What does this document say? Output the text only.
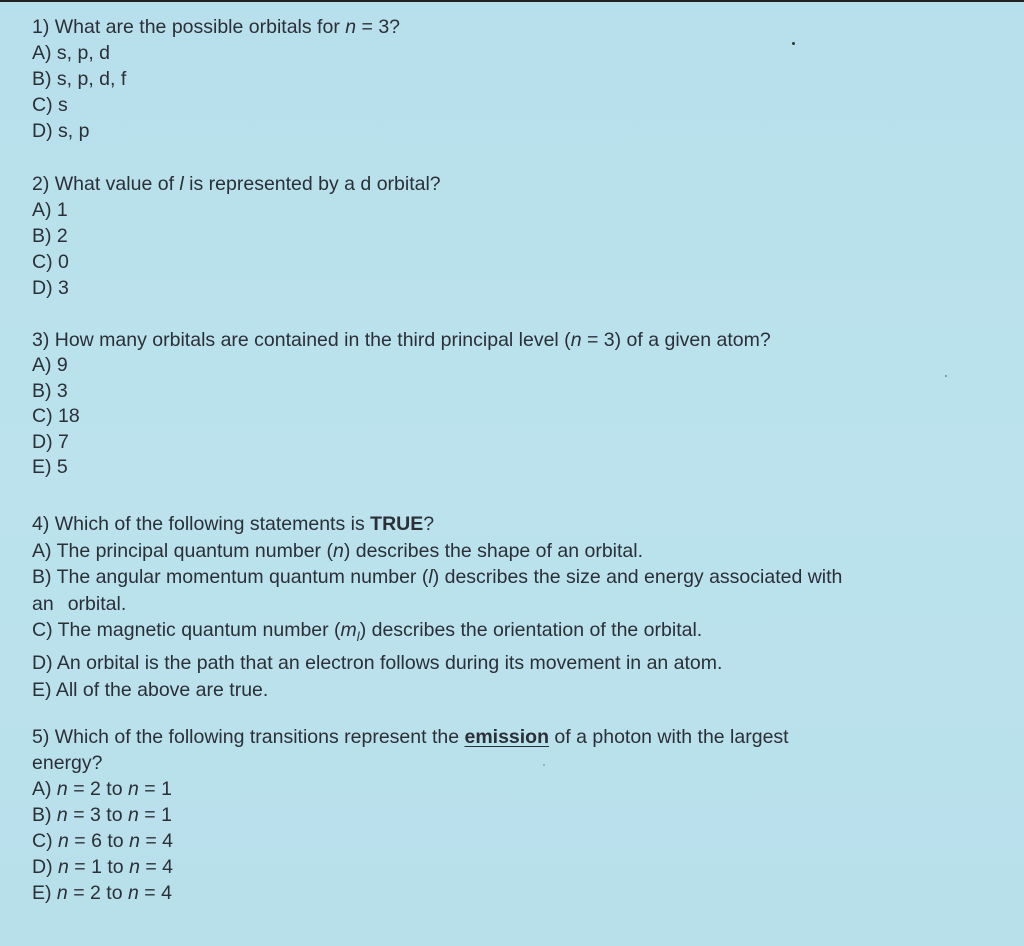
1) What are the possible orbitals for n = 3?
A) s, p, d
B) s, p, d, f
C) s
D) s, p
2) What value of l is represented by a d orbital?
A) 1
B) 2
C) 0
D) 3
3) How many orbitals are contained in the third principal level (n = 3) of a given atom?
A) 9
B) 3
C) 18
D) 7
E) 5
4) Which of the following statements is TRUE?
A) The principal quantum number (n) describes the shape of an orbital.
B) The angular momentum quantum number (l) describes the size and energy associated with
an orbital.
C) The magnetic quantum number $(m_l)$ describes the orientation of the orbital.
D) An orbital is the path that an electron follows during its movement in an atom.
E) All of the above are true.
5) Which of the following transitions represent the emission of a photon with the largest
energy?
A) n = 2 to n = 1
B) n = 3 to n = 1
C) n = 6 to n = 4
D) n = 1 to n = 4
E) n = 2 to n = 4
